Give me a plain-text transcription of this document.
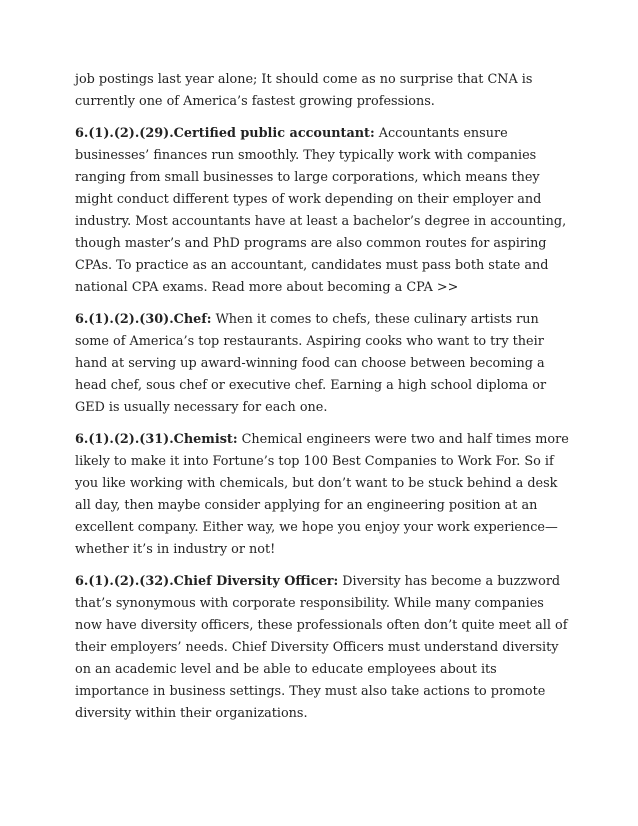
job postings last year alone; It should come as no surprise that CNA is currently one of America’s fastest growing professions.

6.(1).(2).(29).Certified public accountant: Accountants ensure businesses’ finances run smoothly. They typically work with companies ranging from small businesses to large corporations, which means they might conduct different types of work depending on their employer and industry. Most accountants have at least a bachelor’s degree in accounting, though master’s and PhD programs are also common routes for aspiring CPAs. To practice as an accountant, candidates must pass both state and national CPA exams. Read more about becoming a CPA >>

6.(1).(2).(30).Chef: When it comes to chefs, these culinary artists run some of America’s top restaurants. Aspiring cooks who want to try their hand at serving up award-winning food can choose between becoming a head chef, sous chef or executive chef. Earning a high school diploma or GED is usually necessary for each one.

6.(1).(2).(31).Chemist: Chemical engineers were two and half times more likely to make it into Fortune’s top 100 Best Companies to Work For. So if you like working with chemicals, but don’t want to be stuck behind a desk all day, then maybe consider applying for an engineering position at an excellent company. Either way, we hope you enjoy your work experience—whether it’s in industry or not!

6.(1).(2).(32).Chief Diversity Officer: Diversity has become a buzzword that’s synonymous with corporate responsibility. While many companies now have diversity officers, these professionals often don’t quite meet all of their employers’ needs. Chief Diversity Officers must understand diversity on an academic level and be able to educate employees about its importance in business settings. They must also take actions to promote diversity within their organizations.
